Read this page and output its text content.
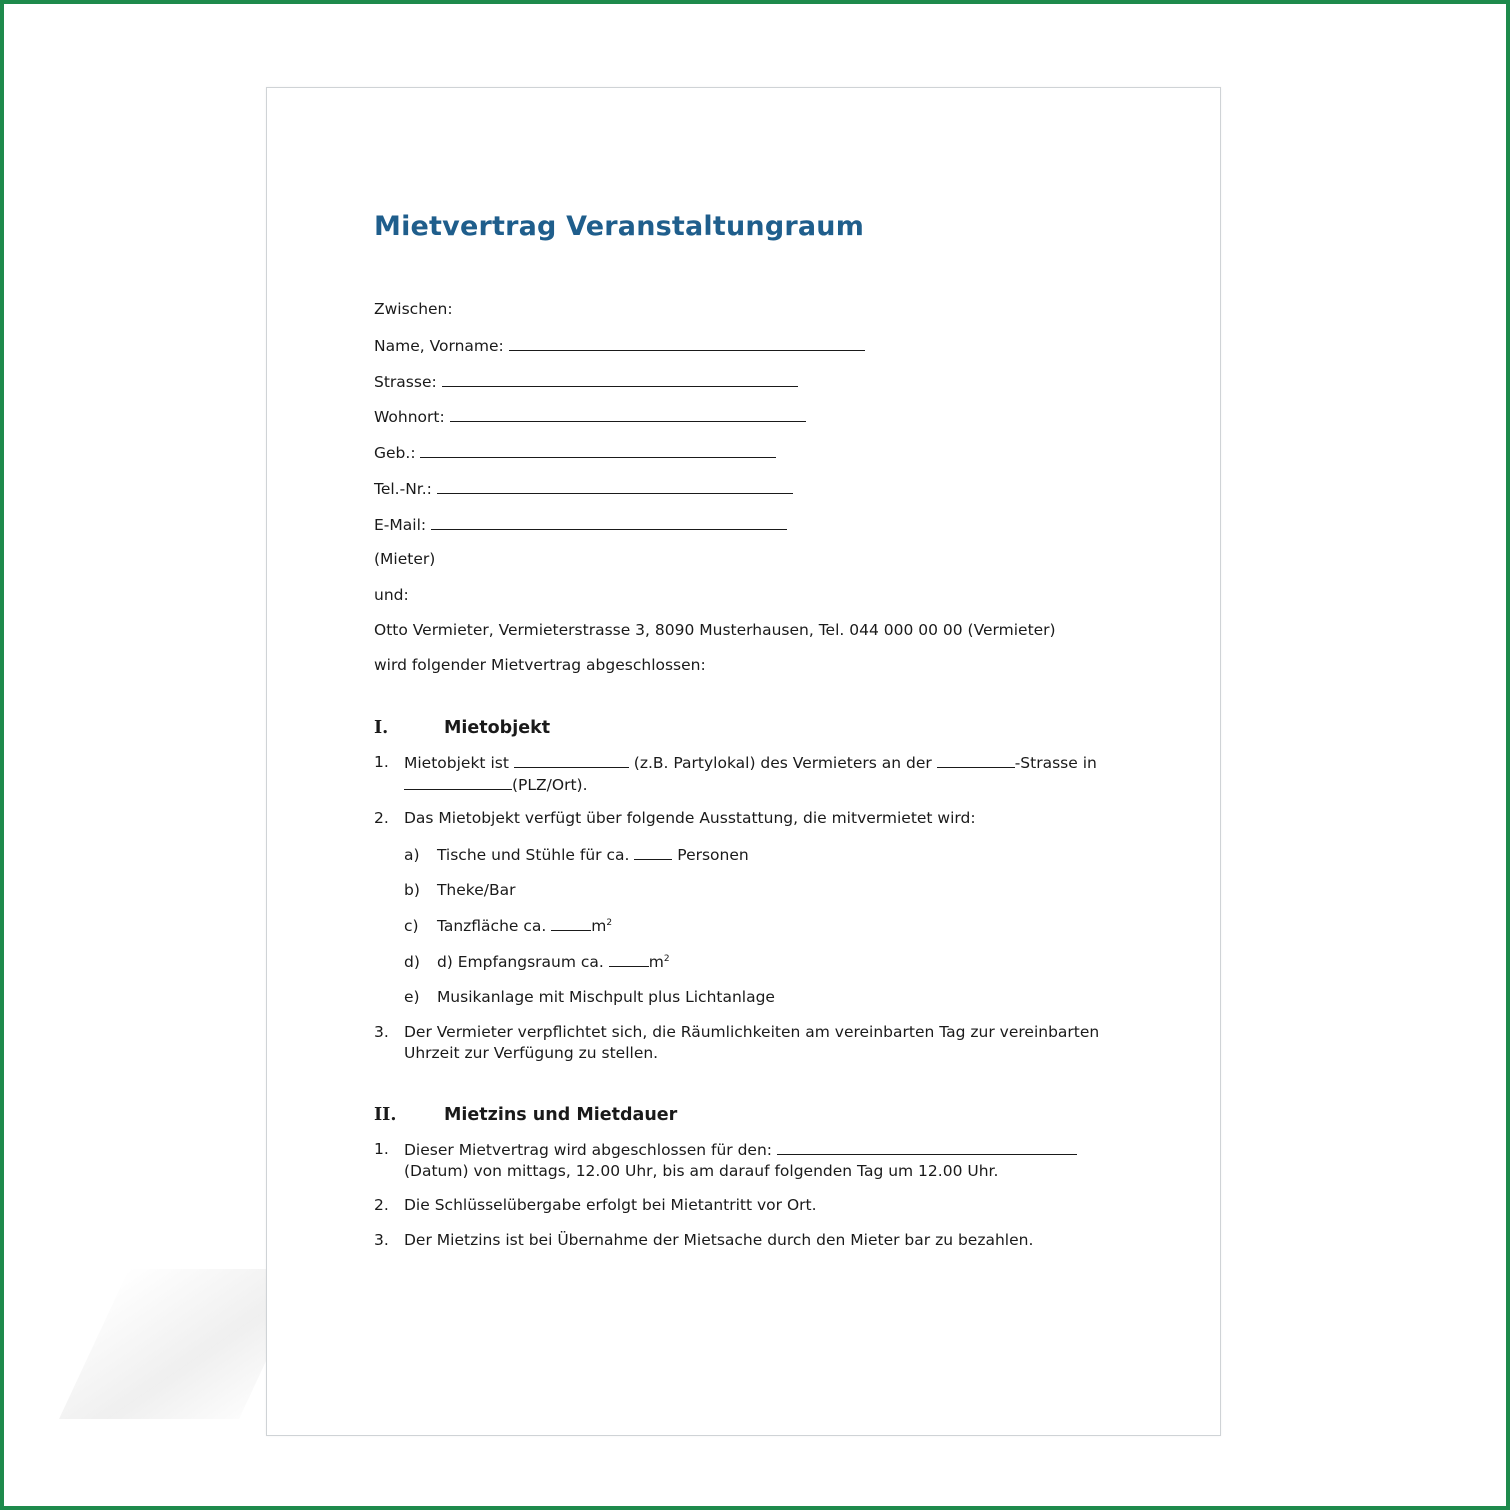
Mietvertrag Veranstaltungraum
Zwischen:
Name, Vorname:
Strasse:
Wohnort:
Geb.:
Tel.-Nr.:
E-Mail:
(Mieter)
und:
Otto Vermieter, Vermieterstrasse 3, 8090 Musterhausen, Tel. 044 000 00 00 (Vermieter)
wird folgender Mietvertrag abgeschlossen:
I.	Mietobjekt
1. Mietobjekt ist	(z.B. Partylokal) des Vermieters an der	-Strasse in
(PLZ/Ort).
2. Das Mietobjekt verfügt über folgende Ausstattung, die mitvermietet wird:
a) Tische und Stühle für ca.	Personen
b) Theke/Bar
c) Tanzfläche ca.	$m^2$
d) d) Empfangsraum ca.	$m^2$
e) Musikanlage mit Mischpult plus Lichtanlage
3. Der Vermieter verpflichtet sich, die Räumlichkeiten am vereinbarten Tag zur vereinbarten Uhrzeit zur Verfügung zu stellen.
II.	Mietzins und Mietdauer
1. Dieser Mietvertrag wird abgeschlossen für den:
(Datum) von mittags, 12.00 Uhr, bis am darauf folgenden Tag um 12.00 Uhr.
2. Die Schlüsselübergabe erfolgt bei Mietantritt vor Ort.
3. Der Mietzins ist bei Übernahme der Mietsache durch den Mieter bar zu bezahlen.
